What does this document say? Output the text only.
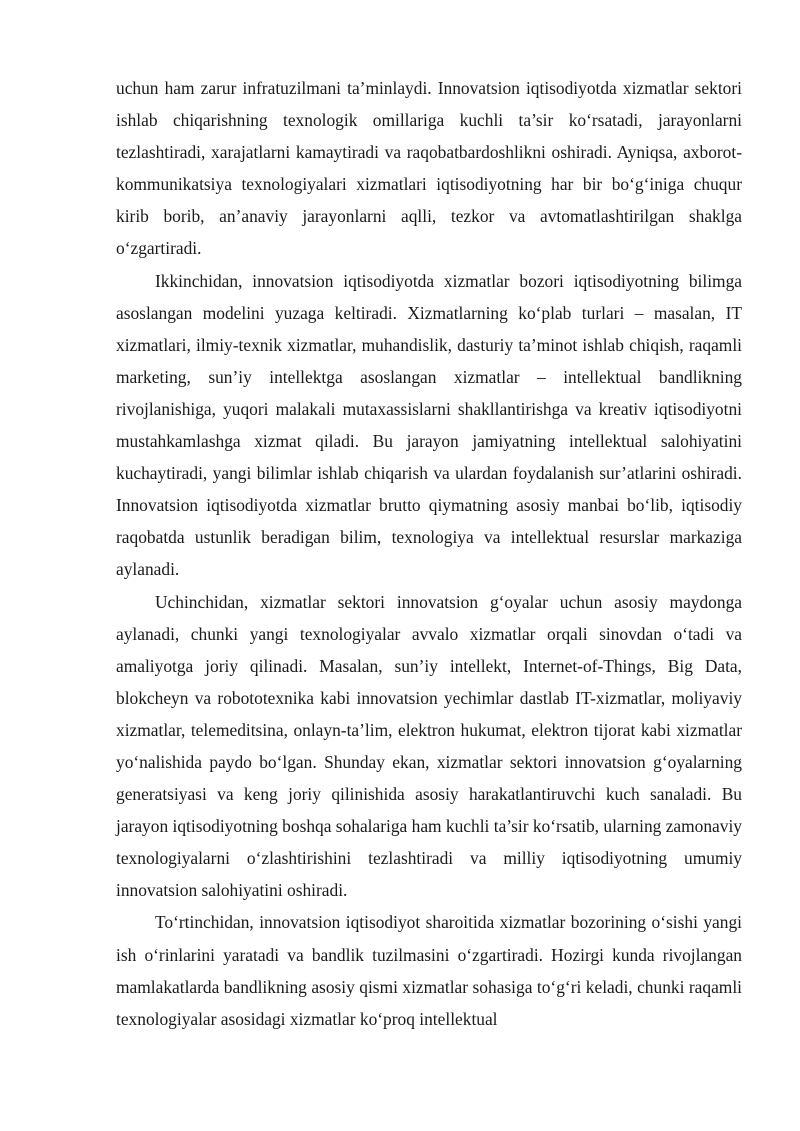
uchun ham zarur infratuzilmani ta’minlaydi. Innovatsion iqtisodiyotda xizmatlar sektori ishlab chiqarishning texnologik omillariga kuchli ta’sir ko‘rsatadi, jarayonlarni tezlashtiradi, xarajatlarni kamaytiradi va raqobatbardoshlikni oshiradi. Ayniqsa, axborot-kommunikatsiya texnologiyalari xizmatlari iqtisodiyotning har bir bo‘g‘iniga chuqur kirib borib, an’anaviy jarayonlarni aqlli, tezkor va avtomatlashtirilgan shaklga o‘zgartiradi.

Ikkinchidan, innovatsion iqtisodiyotda xizmatlar bozori iqtisodiyotning bilimga asoslangan modelini yuzaga keltiradi. Xizmatlarning ko‘plab turlari – masalan, IT xizmatlari, ilmiy-texnik xizmatlar, muhandislik, dasturiy ta’minot ishlab chiqish, raqamli marketing, sun’iy intellektga asoslangan xizmatlar – intellektual bandlikning rivojlanishiga, yuqori malakali mutaxassislarni shakllantirishga va kreativ iqtisodiyotni mustahkamlashga xizmat qiladi. Bu jarayon jamiyatning intellektual salohiyatini kuchaytiradi, yangi bilimlar ishlab chiqarish va ulardan foydalanish sur’atlarini oshiradi. Innovatsion iqtisodiyotda xizmatlar brutto qiymatning asosiy manbai bo‘lib, iqtisodiy raqobatda ustunlik beradigan bilim, texnologiya va intellektual resurslar markaziga aylanadi.

Uchinchidan, xizmatlar sektori innovatsion g‘oyalar uchun asosiy maydonga aylanadi, chunki yangi texnologiyalar avvalo xizmatlar orqali sinovdan o‘tadi va amaliyotga joriy qilinadi. Masalan, sun’iy intellekt, Internet-of-Things, Big Data, blokcheyn va robototexnika kabi innovatsion yechimlar dastlab IT-xizmatlar, moliyaviy xizmatlar, telemeditsina, onlayn-ta’lim, elektron hukumat, elektron tijorat kabi xizmatlar yo‘nalishida paydo bo‘lgan. Shunday ekan, xizmatlar sektori innovatsion g‘oyalarning generatsiyasi va keng joriy qilinishida asosiy harakatlantiruvchi kuch sanaladi. Bu jarayon iqtisodiyotning boshqa sohalariga ham kuchli ta’sir ko‘rsatib, ularning zamonaviy texnologiyalarni o‘zlashtirishini tezlashtiradi va milliy iqtisodiyotning umumiy innovatsion salohiyatini oshiradi.

To‘rtinchidan, innovatsion iqtisodiyot sharoitida xizmatlar bozorining o‘sishi yangi ish o‘rinlarini yaratadi va bandlik tuzilmasini o‘zgartiradi. Hozirgi kunda rivojlangan mamlakatlarda bandlikning asosiy qismi xizmatlar sohasiga to‘g‘ri keladi, chunki raqamli texnologiyalar asosidagi xizmatlar ko‘proq intellektual
